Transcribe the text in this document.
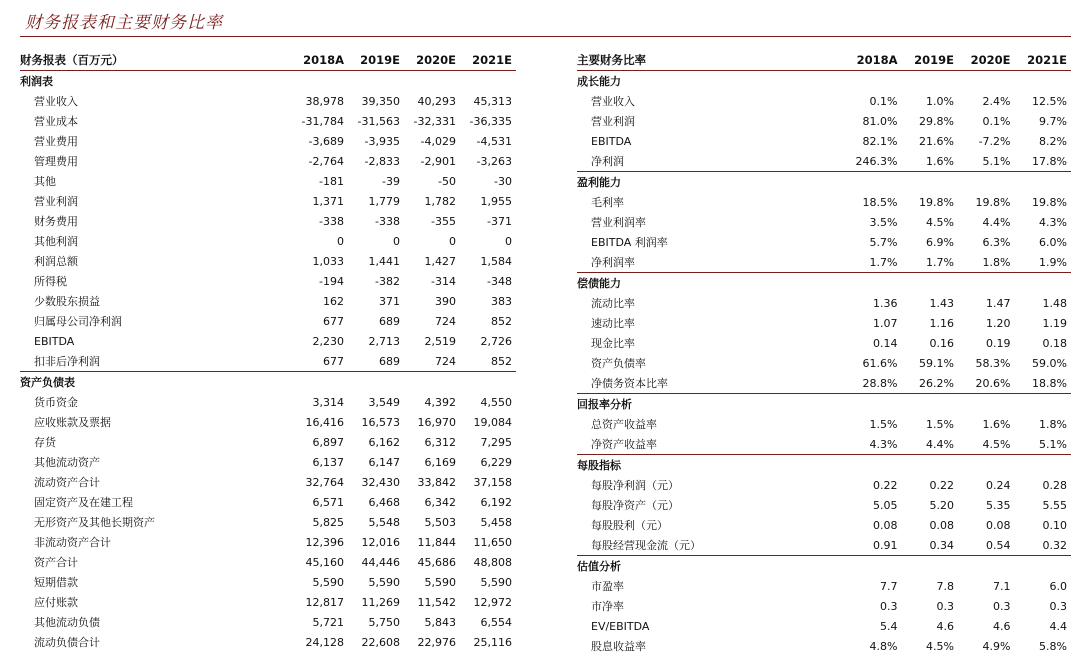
财务报表和主要财务比率
财务报表（百万元）	2018A	2019E	2020E	2021E
利润表				
营业收入	38,978	39,350	40,293	45,313
营业成本	-31,784	-31,563	-32,331	-36,335
营业费用	-3,689	-3,935	-4,029	-4,531
管理费用	-2,764	-2,833	-2,901	-3,263
其他	-181	-39	-50	-30
营业利润	1,371	1,779	1,782	1,955
财务费用	-338	-338	-355	-371
其他利润	0	0	0	0
利润总额	1,033	1,441	1,427	1,584
所得税	-194	-382	-314	-348
少数股东损益	162	371	390	383
归属母公司净利润	677	689	724	852
EBITDA	2,230	2,713	2,519	2,726
扣非后净利润	677	689	724	852
资产负债表				
货币资金	3,314	3,549	4,392	4,550
应收账款及票据	16,416	16,573	16,970	19,084
存货	6,897	6,162	6,312	7,295
其他流动资产	6,137	6,147	6,169	6,229
流动资产合计	32,764	32,430	33,842	37,158
固定资产及在建工程	6,571	6,468	6,342	6,192
无形资产及其他长期资产	5,825	5,548	5,503	5,458
非流动资产合计	12,396	12,016	11,844	11,650
资产合计	45,160	44,446	45,686	48,808
短期借款	5,590	5,590	5,590	5,590
应付账款	12,817	11,269	11,542	12,972
其他流动负债	5,721	5,750	5,843	6,554
流动负债合计	24,128	22,608	22,976	25,116
主要财务比率	2018A	2019E	2020E	2021E
成长能力				
营业收入	0.1%	1.0%	2.4%	12.5%
营业利润	81.0%	29.8%	0.1%	9.7%
EBITDA	82.1%	21.6%	-7.2%	8.2%
净利润	246.3%	1.6%	5.1%	17.8%
盈利能力				
毛利率	18.5%	19.8%	19.8%	19.8%
营业利润率	3.5%	4.5%	4.4%	4.3%
EBITDA 利润率	5.7%	6.9%	6.3%	6.0%
净利润率	1.7%	1.7%	1.8%	1.9%
偿债能力				
流动比率	1.36	1.43	1.47	1.48
速动比率	1.07	1.16	1.20	1.19
现金比率	0.14	0.16	0.19	0.18
资产负债率	61.6%	59.1%	58.3%	59.0%
净债务资本比率	28.8%	26.2%	20.6%	18.8%
回报率分析				
总资产收益率	1.5%	1.5%	1.6%	1.8%
净资产收益率	4.3%	4.4%	4.5%	5.1%
每股指标				
每股净利润（元）	0.22	0.22	0.24	0.28
每股净资产（元）	5.05	5.20	5.35	5.55
每股股利（元）	0.08	0.08	0.08	0.10
每股经营现金流（元）	0.91	0.34	0.54	0.32
估值分析				
市盈率	7.7	7.8	7.1	6.0
市净率	0.3	0.3	0.3	0.3
EV/EBITDA	5.4	4.6	4.6	4.4
股息收益率	4.8%	4.5%	4.9%	5.8%
